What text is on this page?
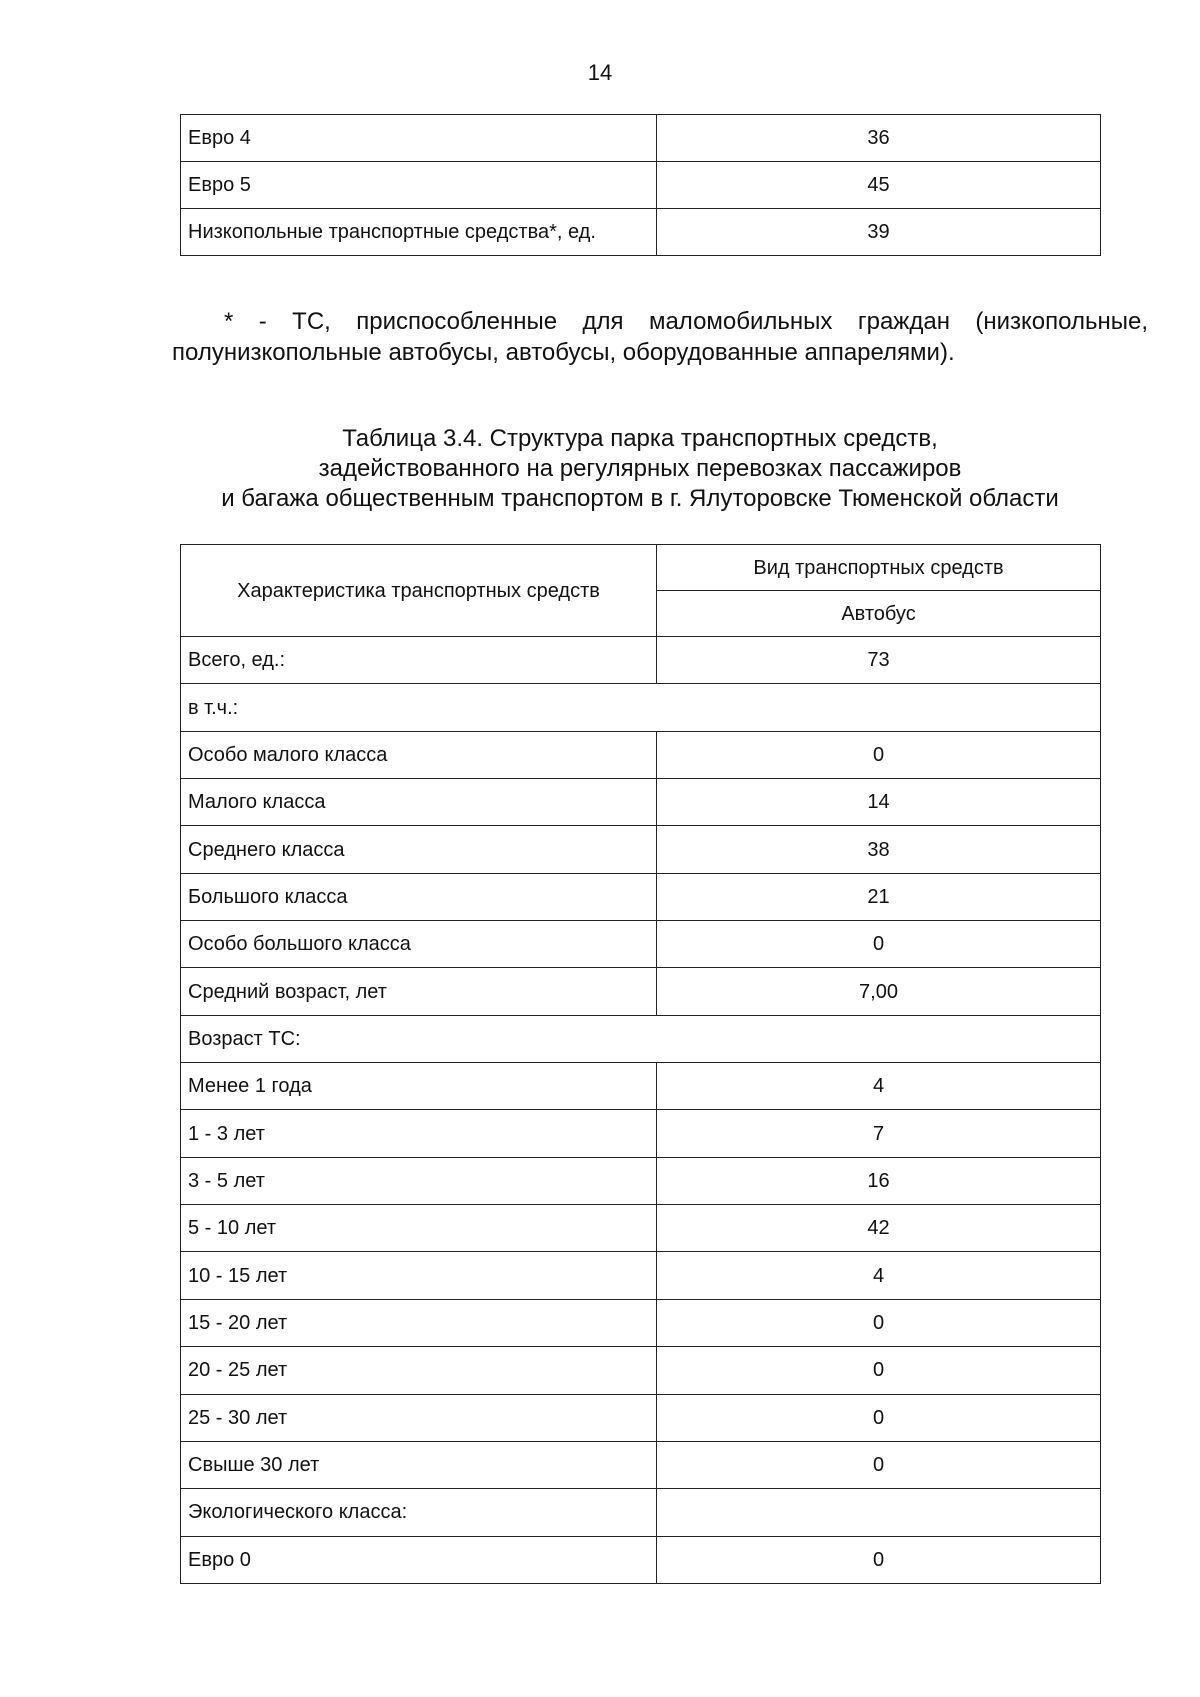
14
Евро 4	36
Евро 5	45
Низкопольные транспортные средства*, ед.	39

* - ТС, приспособленные для маломобильных граждан (низкопольные, полунизкопольные автобусы, автобусы, оборудованные аппарелями).

Таблица 3.4. Структура парка транспортных средств,
задействованного на регулярных перевозках пассажиров
и багажа общественным транспортом в г. Ялуторовске Тюменской области

Характеристика транспортных средств	Вид транспортных средств
	Автобус
Всего, ед.:	73
в т.ч.:	
Особо малого класса	0
Малого класса	14
Среднего класса	38
Большого класса	21
Особо большого класса	0
Средний возраст, лет	7,00
Возраст ТС:	
Менее 1 года	4
1 - 3 лет	7
3 - 5 лет	16
5 - 10 лет	42
10 - 15 лет	4
15 - 20 лет	0
20 - 25 лет	0
25 - 30 лет	0
Свыше 30 лет	0
Экологического класса:	
Евро 0	0
